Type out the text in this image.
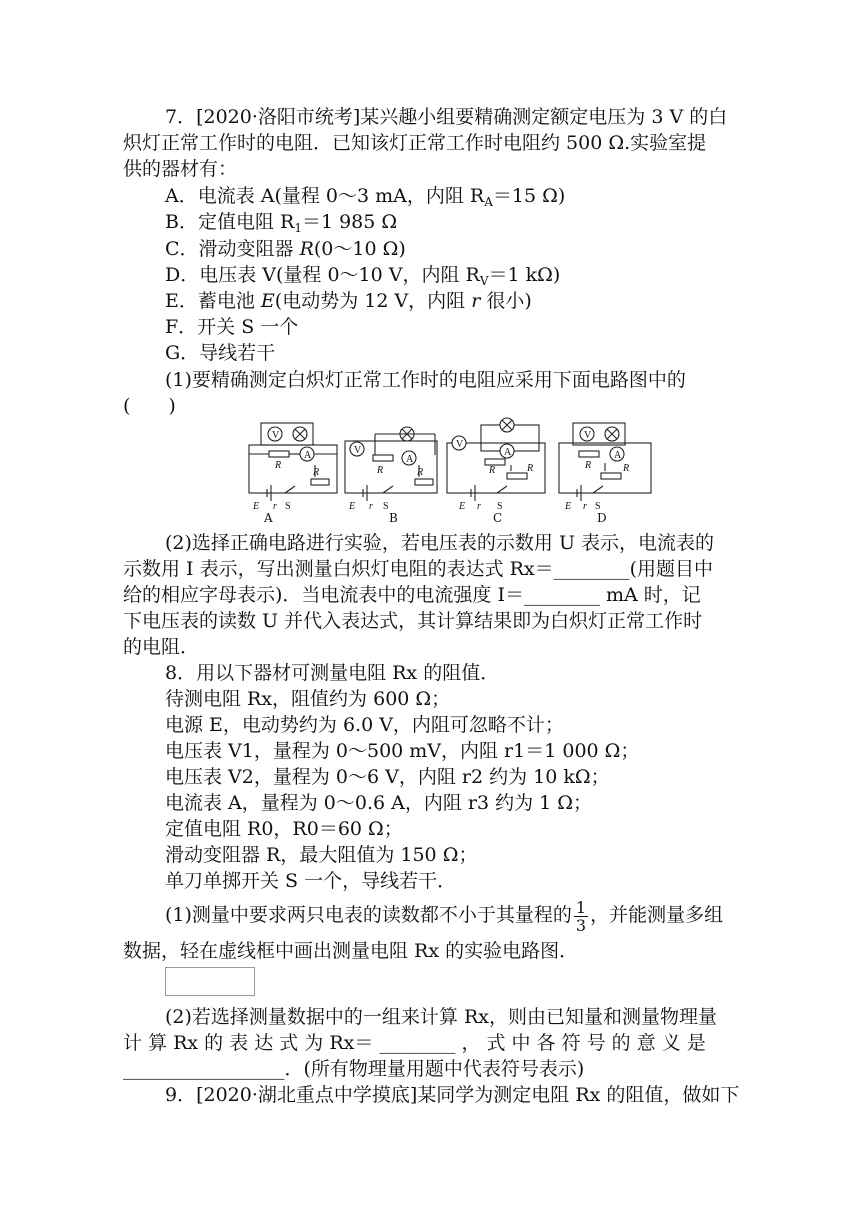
7．[2020·洛阳市统考]某兴趣小组要精确测定额定电压为 3 V 的白
炽灯正常工作时的电阻．已知该灯正常工作时电阻约 500 Ω.实验室提
供的器材有：
A．电流表 A(量程 0～3 mA，内阻 $R_A=15$ Ω)
B．定值电阻 $R_1=1$ 985 Ω
C．滑动变阻器 R(0～10 Ω)
D．电压表 V(量程 0～10 V，内阻 $R_V=1$ kΩ)
E．蓄电池 E(电动势为 12 V，内阻 r 很小)
F．开关 S 一个
G．导线若干
(1)要精确测定白炽灯正常工作时的电阻应采用下面电路图中的
(　　)
V
A	V
A
V
A
V
A
E r S	E r S	E r S	E r S
R	R	R	R
R	R	R	R
A	B	C	D
(2)选择正确电路进行实验，若电压表的示数用 U 表示，电流表的
示数用 I 表示，写出测量白炽灯电阻的表达式 Rx＝________(用题目中
给的相应字母表示)．当电流表中的电流强度 I＝________ mA 时，记
下电压表的读数 U 并代入表达式，其计算结果即为白炽灯正常工作时
的电阻．
8．用以下器材可测量电阻 Rx 的阻值．
待测电阻 Rx，阻值约为 600 Ω；
电源 E，电动势约为 6.0 V，内阻可忽略不计；
电压表 V1，量程为 0～500 mV，内阻 r1＝1 000 Ω；
电压表 V2，量程为 0～6 V，内阻 r2 约为 10 kΩ；
电流表 A，量程为 0～0.6 A，内阻 r3 约为 1 Ω；
定值电阻 R0，R0＝60 Ω；
滑动变阻器 R，最大阻值为 150 Ω；
单刀单掷开关 S 一个，导线若干．
(1)测量中要求两只电表的读数都不小于其量程的 $\frac{1}{3}$ ，并能测量多组
数据，轻在虚线框中画出测量电阻 Rx 的实验电路图．
(2)若选择测量数据中的一组来计算 Rx，则由已知量和测量物理量
计 算 Rx 的 表 达 式 为 Rx＝ ________ ， 式 中 各 符 号 的 意 义 是
_________________．(所有物理量用题中代表符号表示)
9．[2020·湖北重点中学摸底]某同学为测定电阻 Rx 的阻值，做如下
